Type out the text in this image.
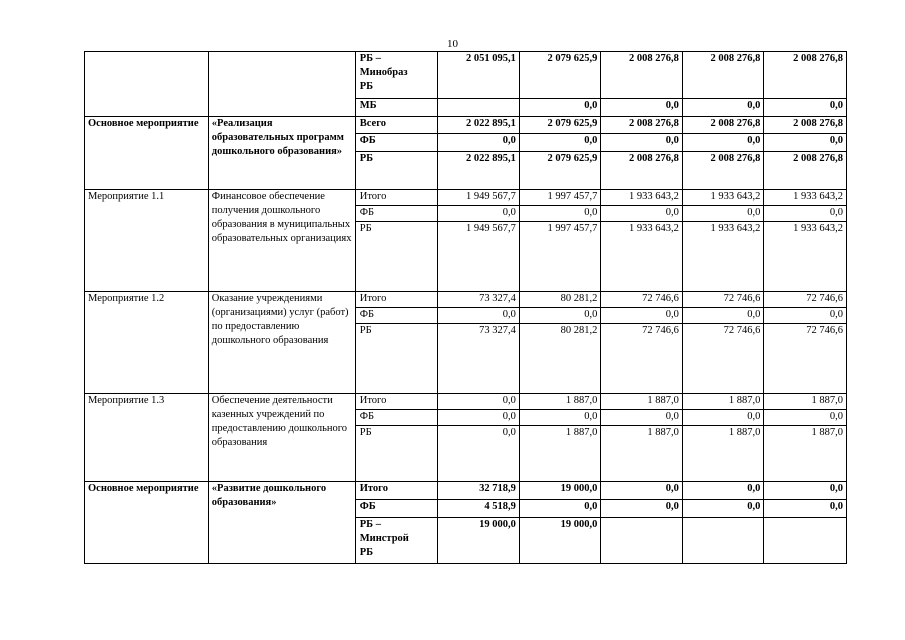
10
		РБ –
Минобраз
РБ	2 051 095,1	2 079 625,9	2 008 276,8	2 008 276,8	2 008 276,8
		МБ		0,0	0,0	0,0	0,0
Основное мероприятие	«Реализация образовательных программ дошкольного образования»	Всего	2 022 895,1	2 079 625,9	2 008 276,8	2 008 276,8	2 008 276,8
		ФБ	0,0	0,0	0,0	0,0	0,0
		РБ	2 022 895,1	2 079 625,9	2 008 276,8	2 008 276,8	2 008 276,8
Мероприятие 1.1	Финансовое обеспечение получения дошкольного образования в муниципальных образовательных организациях	Итого	1 949 567,7	1 997 457,7	1 933 643,2	1 933 643,2	1 933 643,2
		ФБ	0,0	0,0	0,0	0,0	0,0
		РБ	1 949 567,7	1 997 457,7	1 933 643,2	1 933 643,2	1 933 643,2
Мероприятие 1.2	Оказание учреждениями (организациями) услуг (работ) по предоставлению дошкольного образования	Итого	73 327,4	80 281,2	72 746,6	72 746,6	72 746,6
		ФБ	0,0	0,0	0,0	0,0	0,0
		РБ	73 327,4	80 281,2	72 746,6	72 746,6	72 746,6
Мероприятие 1.3	Обеспечение деятельности казенных учреждений по предоставлению дошкольного образования	Итого	0,0	1 887,0	1 887,0	1 887,0	1 887,0
		ФБ	0,0	0,0	0,0	0,0	0,0
		РБ	0,0	1 887,0	1 887,0	1 887,0	1 887,0
Основное мероприятие	«Развитие дошкольного образования»	Итого	32 718,9	19 000,0	0,0	0,0	0,0
		ФБ	4 518,9	0,0	0,0	0,0	0,0
		РБ –
Минстрой
РБ	19 000,0	19 000,0			
